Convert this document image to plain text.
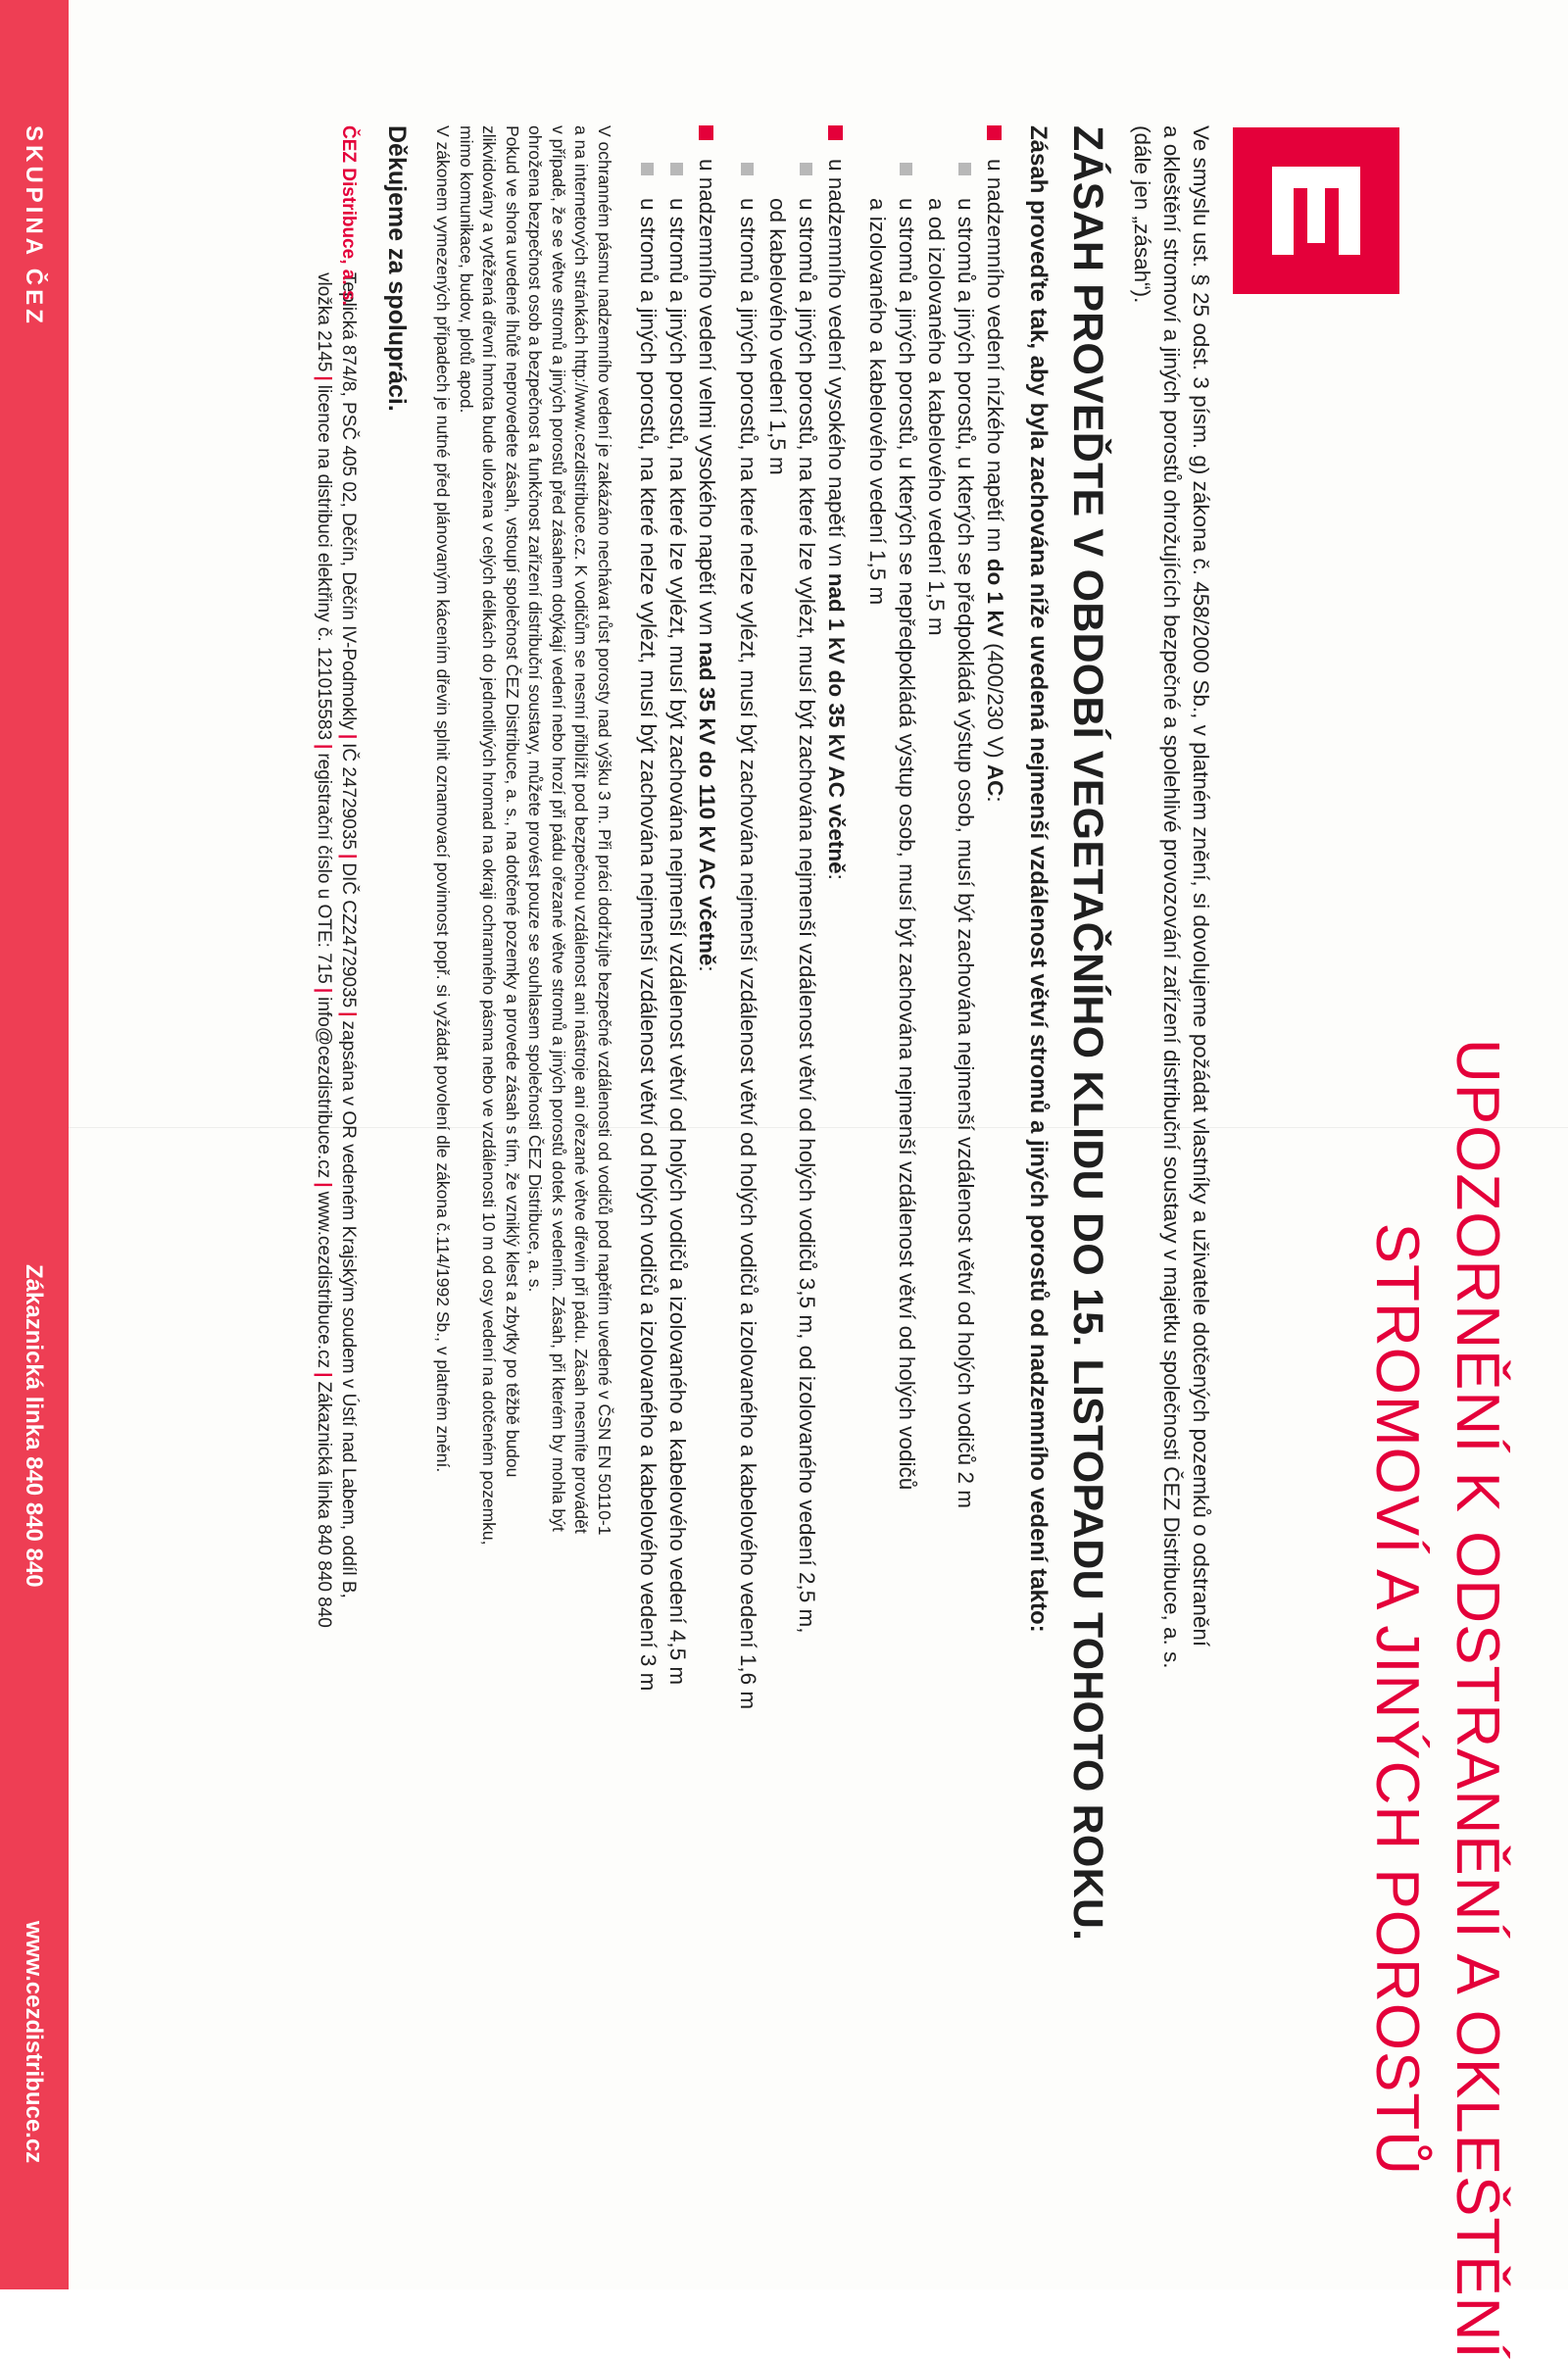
UPOZORNĚNÍ K ODSTRANĚNÍ A OKLEŠTĚNÍ
STROMOVÍ A JINÝCH POROSTŮ
Ve smyslu ust. § 25 odst. 3 písm. g) zákona č. 458/2000 Sb., v platném znění, si dovolujeme požádat vlastníky a uživatele dotčených pozemků o odstranění
a okleštění stromoví a jiných porostů ohrožujících bezpečné a spolehlivé provozování zařízení distribuční soustavy v majetku společnosti ČEZ Distribuce, a. s.
(dále jen „zásah“).
ZÁSAH PROVEĎTE V OBDOBÍ VEGETAČNÍHO KLIDU DO 15. LISTOPADU TOHOTO ROKU.
Zásah proveďte tak, aby byla zachována níže uvedená nejmenší vzdálenost větví stromů a jiných porostů od nadzemního vedení takto:
u nadzemního vedení nízkého napětí nn do 1 kV (400/230 V) AC:
u stromů a jiných porostů, u kterých se předpokládá výstup osob, musí být zachována nejmenší vzdálenost větví od holých vodičů 2 m
a od izolovaného a kabelového vedení 1,5 m
u stromů a jiných porostů, u kterých se nepředpokládá výstup osob, musí být zachována nejmenší vzdálenost větví od holých vodičů
a izolovaného a kabelového vedení 1,5 m
u nadzemního vedení vysokého napětí vn nad 1 kV do 35 kV AC včetně:
u stromů a jiných porostů, na které lze vylézt, musí být zachována nejmenší vzdálenost větví od holých vodičů 3,5 m, od izolovaného vedení 2,5 m,
od kabelového vedení 1,5 m
u stromů a jiných porostů, na které nelze vylézt, musí být zachována nejmenší vzdálenost větví od holých vodičů a izolovaného a kabelového vedení 1,6 m
u nadzemního vedení velmi vysokého napětí vvn nad 35 kV do 110 kV AC včetně:
u stromů a jiných porostů, na které lze vylézt, musí být zachována nejmenší vzdálenost větví od holých vodičů a izolovaného a kabelového vedení 4,5 m
u stromů a jiných porostů, na které nelze vylézt, musí být zachována nejmenší vzdálenost větví od holých vodičů a izolovaného a kabelového vedení 3 m
V ochranném pásmu nadzemního vedení je zakázáno nechávat růst porosty nad výšku 3 m. Při práci dodržujte bezpečné vzdálenosti od vodičů pod napětím uvedené v ČSN EN 50110-1
a na internetových stránkách http://www.cezdistribuce.cz. K vodičům se nesmí přiblížit pod bezpečnou vzdálenost ani nástroje ani ořezané větve dřevin při pádu. Zásah nesmíte provádět
v případě, že se větve stromů a jiných porostů před zásahem dotýkají vedení nebo hrozí při pádu ořezané větve stromů a jiných porostů dotek s vedením. Zásah, při kterém by mohla být
ohrožena bezpečnost osob a bezpečnost a funkčnost zařízení distribuční soustavy, můžete provést pouze se souhlasem společnosti ČEZ Distribuce, a. s.
Pokud ve shora uvedené lhůtě neprovedete zásah, vstoupí společnost ČEZ Distribuce, a. s., na dotčené pozemky a provede zásah s tím, že vzniklý klest a zbytky po těžbě budou
zlikvidovány a vytěžená dřevní hmota bude uložena v celých délkách do jednotlivých hromad na okraji ochranného pásma nebo ve vzdálenosti 10 m od osy vedení na dotčeném pozemku,
mimo komunikace, budov, plotů apod.
V zákonem vymezených případech je nutné před plánovaným kácením dřevin splnit oznamovací povinnost popř. si vyžádat povolení dle zákona č.114/1992 Sb., v platném znění.
Děkujeme za spolupráci.
ČEZ Distribuce, a. s.
Teplická 874/8, PSČ 405 02, Děčín, Děčín IV-Podmokly|IČ 24729035|DIČ CZ24729035|zapsána v OR vedeném Krajským soudem v Ústí nad Labem, oddíl B,
vložka 2145|licence na distribuci elektřiny č. 121015583|registrační číslo u OTE: 715|info@cezdistribuce.cz|www.cezdistribuce.cz|Zákaznická linka 840 840 840
SKUPINA ČEZ
Zákaznická linka 840 840 840
www.cezdistribuce.cz
